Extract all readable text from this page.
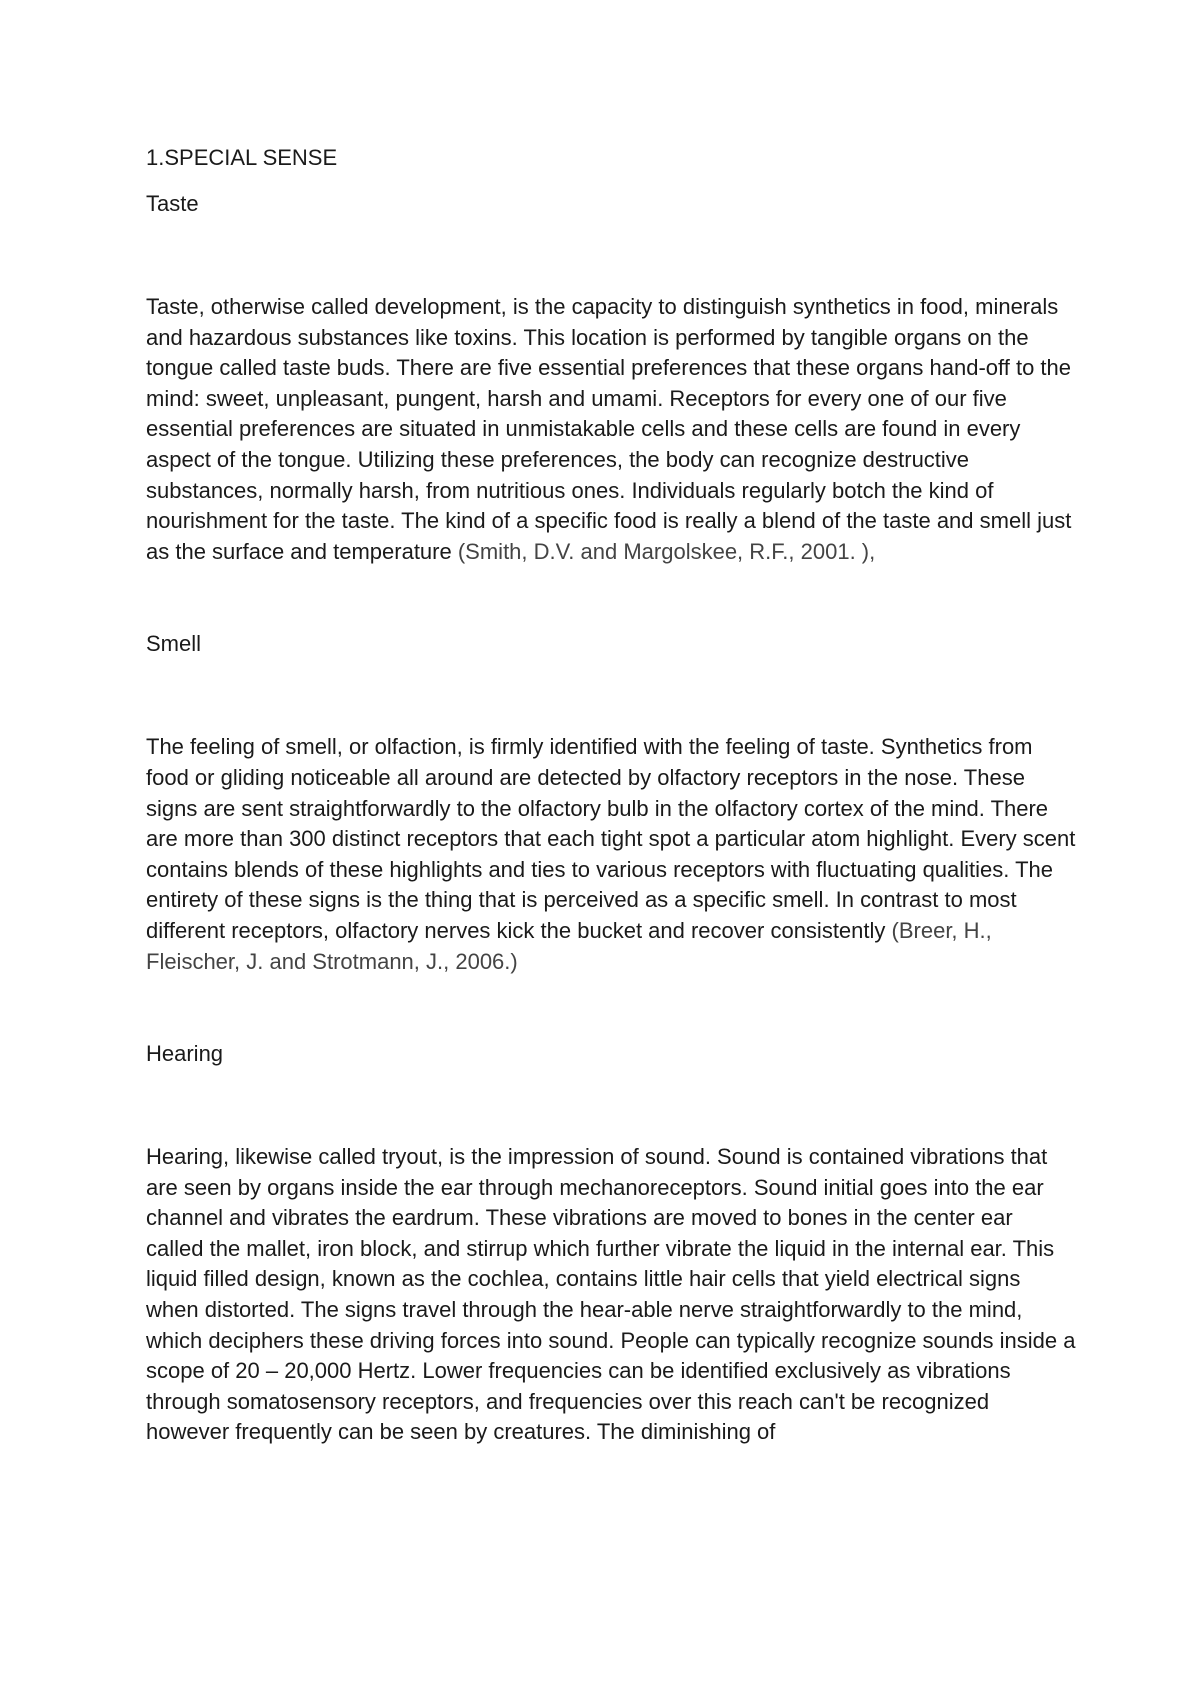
1.SPECIAL SENSE
Taste

Taste, otherwise called development, is the capacity to distinguish synthetics in food, minerals and hazardous substances like toxins. This location is performed by tangible organs on the tongue called taste buds. There are five essential preferences that these organs hand-off to the mind: sweet, unpleasant, pungent, harsh and umami. Receptors for every one of our five essential preferences are situated in unmistakable cells and these cells are found in every aspect of the tongue. Utilizing these preferences, the body can recognize destructive substances, normally harsh, from nutritious ones. Individuals regularly botch the kind of nourishment for the taste. The kind of a specific food is really a blend of the taste and smell just as the surface and temperature (Smith, D.V. and Margolskee, R.F., 2001. ),

Smell

The feeling of smell, or olfaction, is firmly identified with the feeling of taste. Synthetics from food or gliding noticeable all around are detected by olfactory receptors in the nose. These signs are sent straightforwardly to the olfactory bulb in the olfactory cortex of the mind. There are more than 300 distinct receptors that each tight spot a particular atom highlight. Every scent contains blends of these highlights and ties to various receptors with fluctuating qualities. The entirety of these signs is the thing that is perceived as a specific smell. In contrast to most different receptors, olfactory nerves kick the bucket and recover consistently (Breer, H., Fleischer, J. and Strotmann, J., 2006.)

Hearing

Hearing, likewise called tryout, is the impression of sound. Sound is contained vibrations that are seen by organs inside the ear through mechanoreceptors. Sound initial goes into the ear channel and vibrates the eardrum. These vibrations are moved to bones in the center ear called the mallet, iron block, and stirrup which further vibrate the liquid in the internal ear. This liquid filled design, known as the cochlea, contains little hair cells that yield electrical signs when distorted. The signs travel through the hear-able nerve straightforwardly to the mind, which deciphers these driving forces into sound. People can typically recognize sounds inside a scope of 20 – 20,000 Hertz. Lower frequencies can be identified exclusively as vibrations through somatosensory receptors, and frequencies over this reach can't be recognized however frequently can be seen by creatures. The diminishing of
